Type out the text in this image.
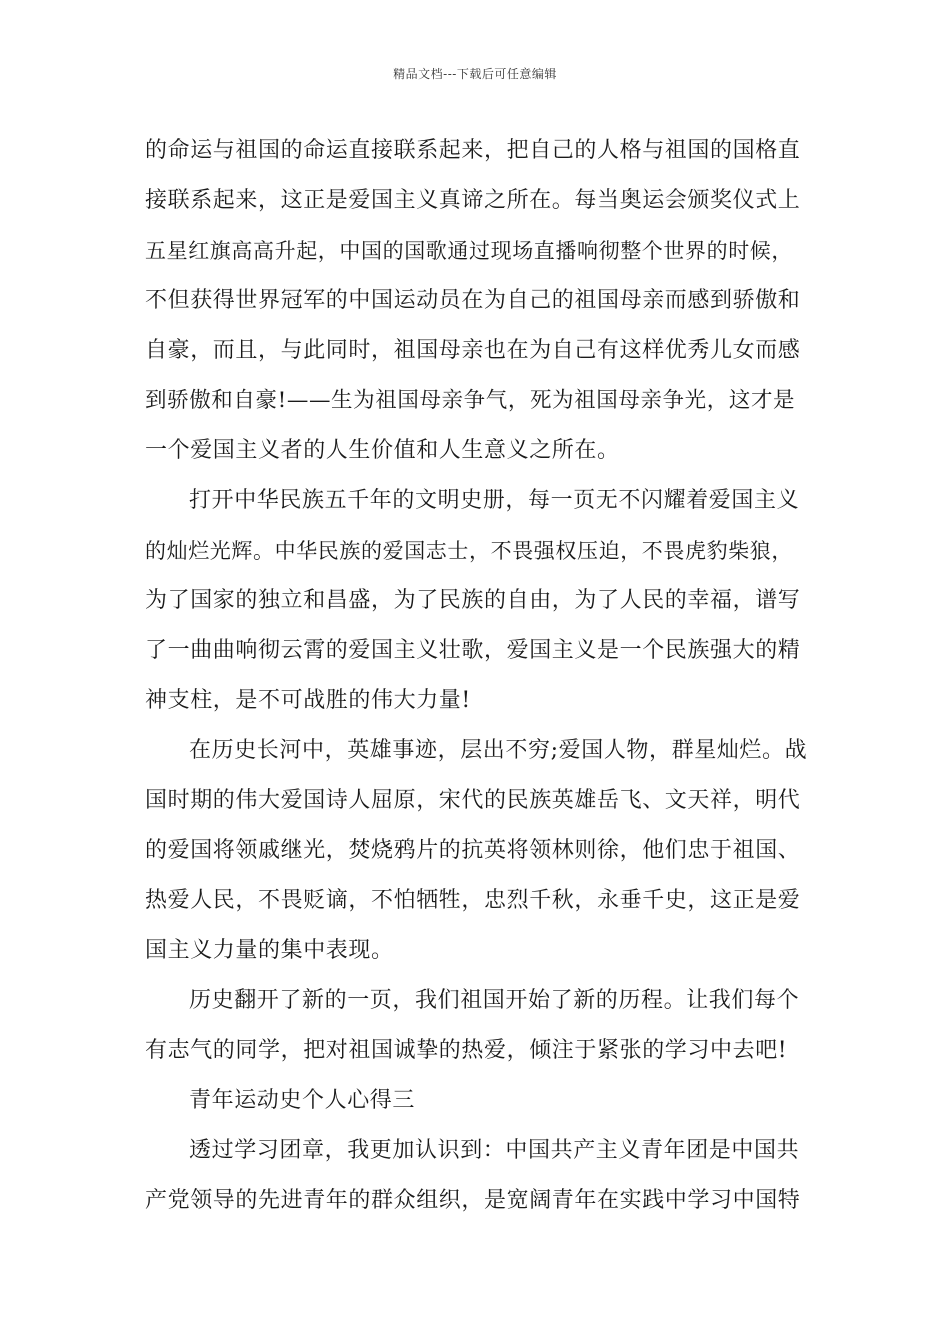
精品文档---下载后可任意编辑
的命运与祖国的命运直接联系起来，把自己的人格与祖国的国格直
接联系起来，这正是爱国主义真谛之所在。每当奥运会颁奖仪式上
五星红旗高高升起，中国的国歌通过现场直播响彻整个世界的时候，
不但获得世界冠军的中国运动员在为自己的祖国母亲而感到骄傲和
自豪，而且，与此同时，祖国母亲也在为自己有这样优秀儿女而感
到骄傲和自豪!——生为祖国母亲争气，死为祖国母亲争光，这才是
一个爱国主义者的人生价值和人生意义之所在。
打开中华民族五千年的文明史册，每一页无不闪耀着爱国主义
的灿烂光辉。中华民族的爱国志士，不畏强权压迫，不畏虎豹柴狼，
为了国家的独立和昌盛，为了民族的自由，为了人民的幸福，谱写
了一曲曲响彻云霄的爱国主义壮歌，爱国主义是一个民族强大的精
神支柱，是不可战胜的伟大力量!
在历史长河中，英雄事迹，层出不穷;爱国人物，群星灿烂。战
国时期的伟大爱国诗人屈原，宋代的民族英雄岳飞、文天祥，明代
的爱国将领戚继光，焚烧鸦片的抗英将领林则徐，他们忠于祖国、
热爱人民，不畏贬谪，不怕牺牲，忠烈千秋，永垂千史，这正是爱
国主义力量的集中表现。
历史翻开了新的一页，我们祖国开始了新的历程。让我们每个
有志气的同学，把对祖国诚挚的热爱，倾注于紧张的学习中去吧!
青年运动史个人心得三
透过学习团章，我更加认识到：中国共产主义青年团是中国共
产党领导的先进青年的群众组织，是宽阔青年在实践中学习中国特
